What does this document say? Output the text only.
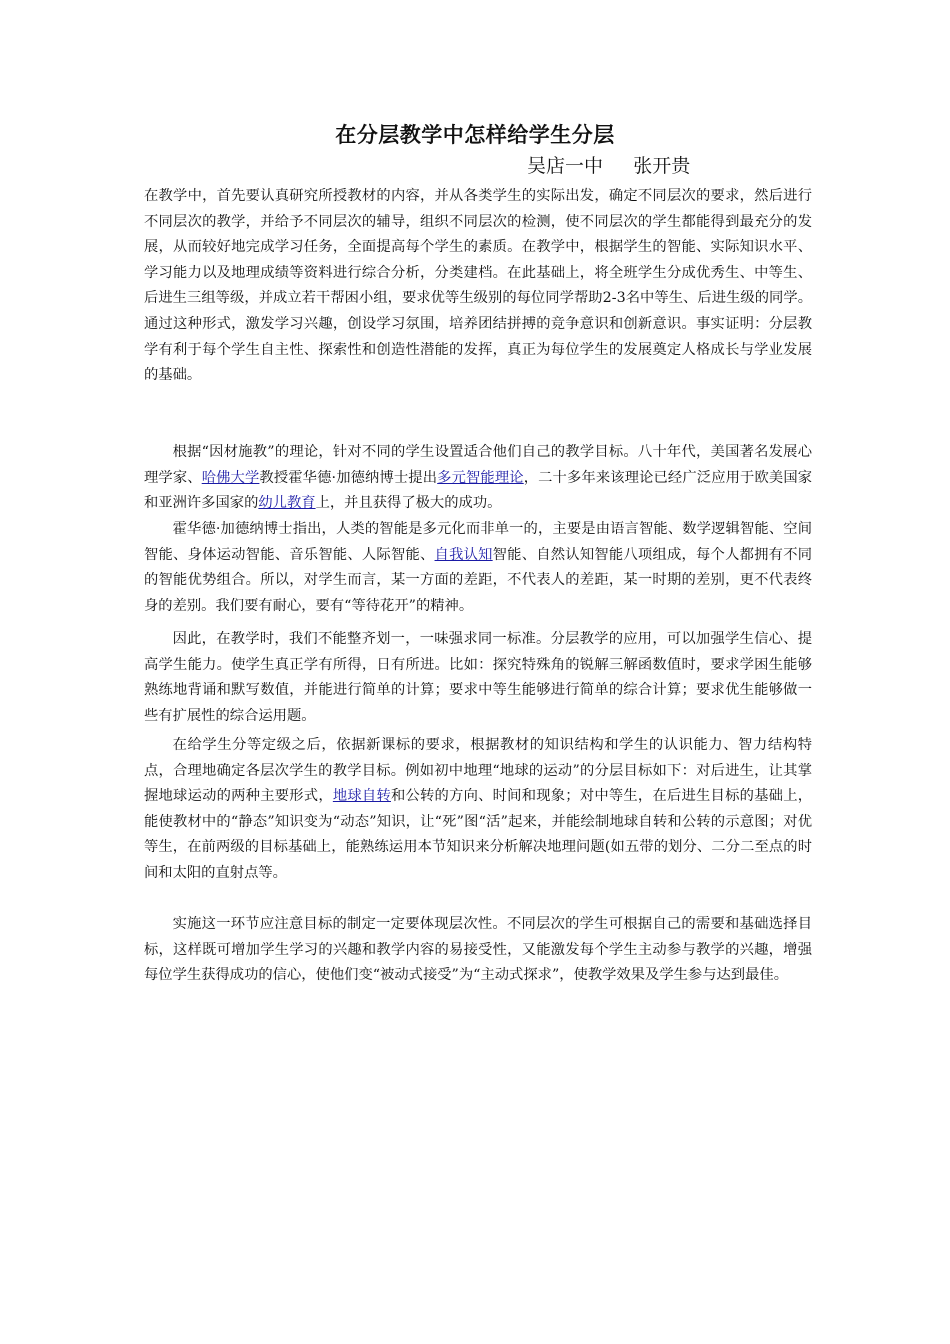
在分层教学中怎样给学生分层
吴店一中     张开贵
在教学中，首先要认真研究所授教材的内容，并从各类学生的实际出发，确定不同层次的要求，然后进行不同层次的教学，并给予不同层次的辅导，组织不同层次的检测，使不同层次的学生都能得到最充分的发展，从而较好地完成学习任务，全面提高每个学生的素质。在教学中，根据学生的智能、实际知识水平、学习能力以及地理成绩等资料进行综合分析，分类建档。在此基础上，将全班学生分成优秀生、中等生、后进生三组等级，并成立若干帮困小组，要求优等生级别的每位同学帮助2-3名中等生、后进生级的同学。通过这种形式，激发学习兴趣，创设学习氛围，培养团结拼搏的竞争意识和创新意识。事实证明：分层教学有利于每个学生自主性、探索性和创造性潜能的发挥，真正为每位学生的发展奠定人格成长与学业发展的基础。
根据“因材施教”的理论，针对不同的学生设置适合他们自己的教学目标。八十年代，美国著名发展心理学家、哈佛大学教授霍华德·加德纳博士提出多元智能理论，二十多年来该理论已经广泛应用于欧美国家和亚洲许多国家的幼儿教育上，并且获得了极大的成功。
霍华德·加德纳博士指出，人类的智能是多元化而非单一的，主要是由语言智能、数学逻辑智能、空间智能、身体运动智能、音乐智能、人际智能、自我认知智能、自然认知智能八项组成，每个人都拥有不同的智能优势组合。所以，对学生而言，某一方面的差距，不代表人的差距，某一时期的差别，更不代表终身的差别。我们要有耐心，要有“等待花开”的精神。
因此，在教学时，我们不能整齐划一，一味强求同一标准。分层教学的应用，可以加强学生信心、提高学生能力。使学生真正学有所得，日有所进。比如：探究特殊角的锐解三解函数值时，要求学困生能够熟练地背诵和默写数值，并能进行简单的计算；要求中等生能够进行简单的综合计算；要求优生能够做一些有扩展性的综合运用题。
在给学生分等定级之后，依据新课标的要求，根据教材的知识结构和学生的认识能力、智力结构特点，合理地确定各层次学生的教学目标。例如初中地理“地球的运动”的分层目标如下：对后进生，让其掌握地球运动的两种主要形式，地球自转和公转的方向、时间和现象；对中等生，在后进生目标的基础上，能使教材中的“静态”知识变为“动态”知识，让“死”图“活”起来，并能绘制地球自转和公转的示意图；对优等生，在前两级的目标基础上，能熟练运用本节知识来分析解决地理问题(如五带的划分、二分二至点的时间和太阳的直射点等。
实施这一环节应注意目标的制定一定要体现层次性。不同层次的学生可根据自己的需要和基础选择目标，这样既可增加学生学习的兴趣和教学内容的易接受性，又能激发每个学生主动参与教学的兴趣，增强每位学生获得成功的信心，使他们变“被动式接受”为“主动式探求”，使教学效果及学生参与达到最佳。
